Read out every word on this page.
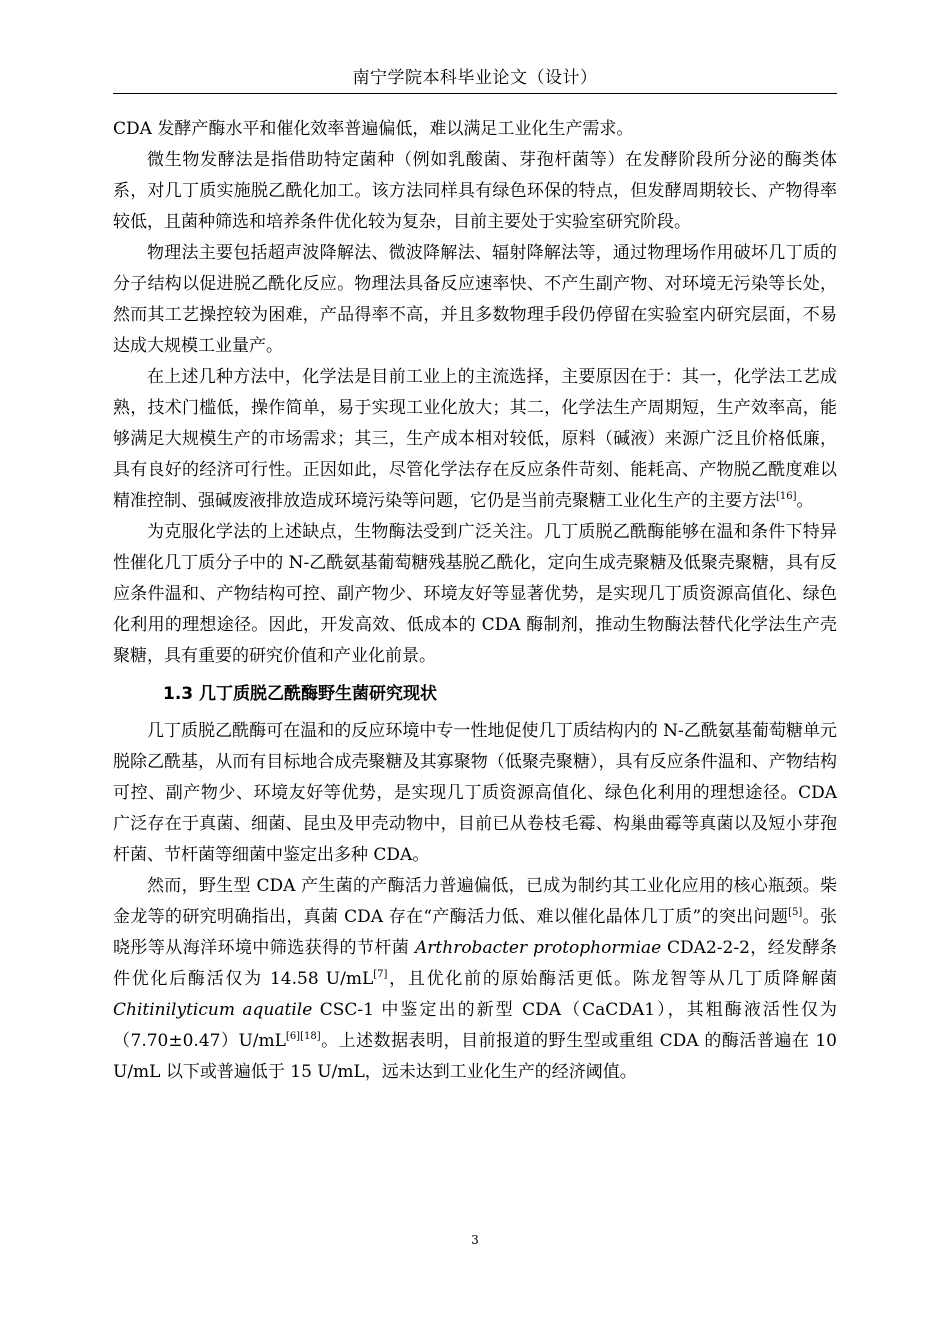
南宁学院本科毕业论文（设计）

CDA 发酵产酶水平和催化效率普遍偏低，难以满足工业化生产需求。

微生物发酵法是指借助特定菌种（例如乳酸菌、芽孢杆菌等）在发酵阶段所分泌的酶类体系，对几丁质实施脱乙酰化加工。该方法同样具有绿色环保的特点，但发酵周期较长、产物得率较低，且菌种筛选和培养条件优化较为复杂，目前主要处于实验室研究阶段。

物理法主要包括超声波降解法、微波降解法、辐射降解法等，通过物理场作用破坏几丁质的分子结构以促进脱乙酰化反应。物理法具备反应速率快、不产生副产物、对环境无污染等长处，然而其工艺操控较为困难，产品得率不高，并且多数物理手段仍停留在实验室内研究层面，不易达成大规模工业量产。

在上述几种方法中，化学法是目前工业上的主流选择，主要原因在于：其一，化学法工艺成熟，技术门槛低，操作简单，易于实现工业化放大；其二，化学法生产周期短，生产效率高，能够满足大规模生产的市场需求；其三，生产成本相对较低，原料（碱液）来源广泛且价格低廉，具有良好的经济可行性。正因如此，尽管化学法存在反应条件苛刻、能耗高、产物脱乙酰度难以精准控制、强碱废液排放造成环境污染等问题，它仍是当前壳聚糖工业化生产的主要方法[16]。

为克服化学法的上述缺点，生物酶法受到广泛关注。几丁质脱乙酰酶能够在温和条件下特异性催化几丁质分子中的 N-乙酰氨基葡萄糖残基脱乙酰化，定向生成壳聚糖及低聚壳聚糖，具有反应条件温和、产物结构可控、副产物少、环境友好等显著优势，是实现几丁质资源高值化、绿色化利用的理想途径。因此，开发高效、低成本的 CDA 酶制剂，推动生物酶法替代化学法生产壳聚糖，具有重要的研究价值和产业化前景。

1.3 几丁质脱乙酰酶野生菌研究现状

几丁质脱乙酰酶可在温和的反应环境中专一性地促使几丁质结构内的 N-乙酰氨基葡萄糖单元脱除乙酰基，从而有目标地合成壳聚糖及其寡聚物（低聚壳聚糖），具有反应条件温和、产物结构可控、副产物少、环境友好等优势，是实现几丁质资源高值化、绿色化利用的理想途径。CDA 广泛存在于真菌、细菌、昆虫及甲壳动物中，目前已从卷枝毛霉、构巢曲霉等真菌以及短小芽孢杆菌、节杆菌等细菌中鉴定出多种 CDA。

然而，野生型 CDA 产生菌的产酶活力普遍偏低，已成为制约其工业化应用的核心瓶颈。柴金龙等的研究明确指出，真菌 CDA 存在“产酶活力低、难以催化晶体几丁质”的突出问题[5]。张晓彤等从海洋环境中筛选获得的节杆菌 Arthrobacter protophormiae CDA2-2-2，经发酵条件优化后酶活仅为 14.58 U/mL[7]，且优化前的原始酶活更低。陈龙智等从几丁质降解菌 Chitinilyticum aquatile CSC-1 中鉴定出的新型 CDA（CaCDA1），其粗酶液活性仅为（7.70±0.47）U/mL[6][18]。上述数据表明，目前报道的野生型或重组 CDA 的酶活普遍在 10 U/mL 以下或普遍低于 15 U/mL，远未达到工业化生产的经济阈值。

3
